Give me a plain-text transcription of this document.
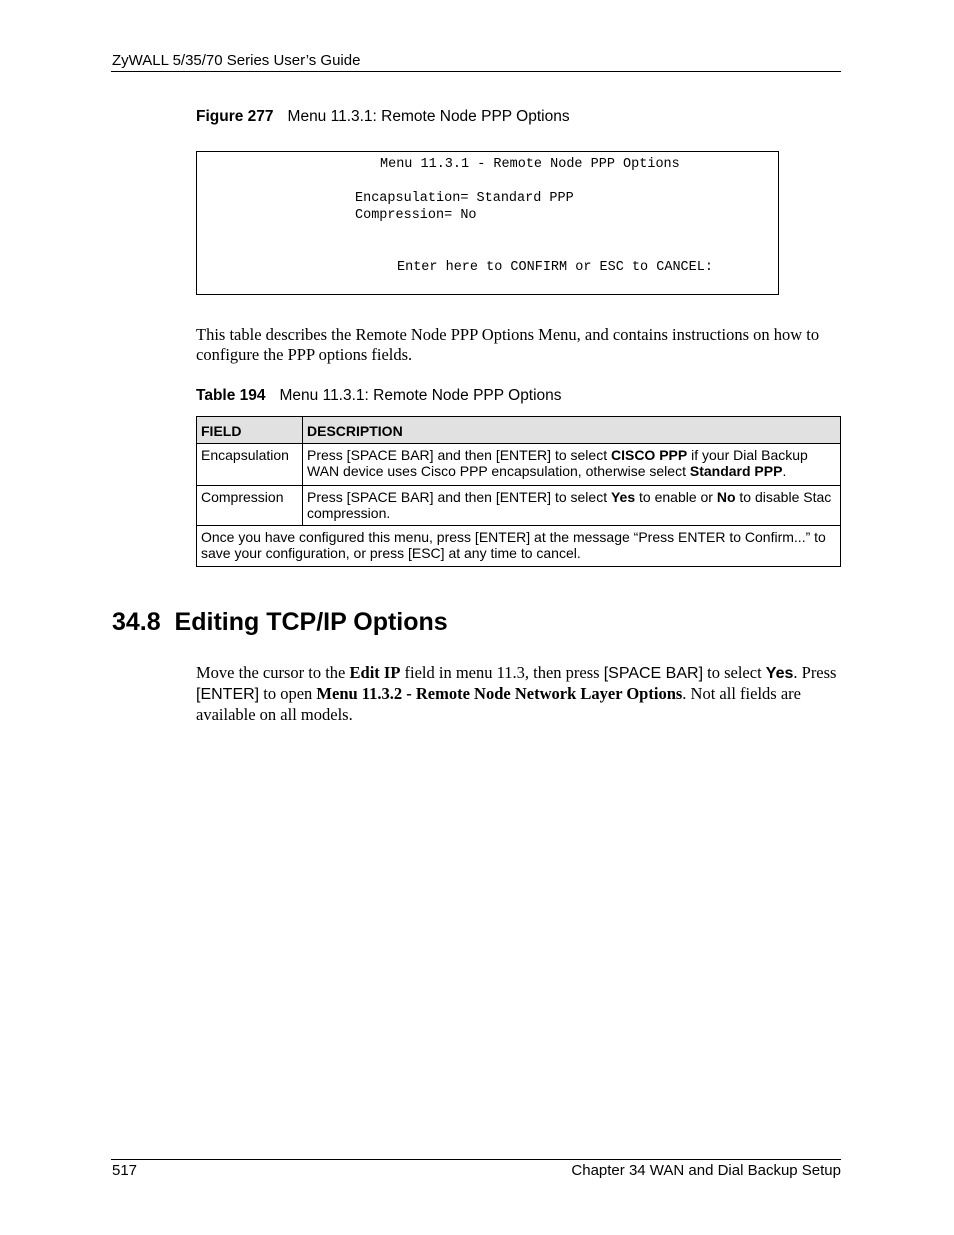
ZyWALL 5/35/70 Series User’s Guide
Figure 277 Menu 11.3.1: Remote Node PPP Options
Menu 11.3.1 - Remote Node PPP Options
Encapsulation= Standard PPP
Compression= No
Enter here to CONFIRM or ESC to CANCEL:
This table describes the Remote Node PPP Options Menu, and contains instructions on how to configure the PPP options fields.
Table 194 Menu 11.3.1: Remote Node PPP Options
FIELD	DESCRIPTION
Encapsulation	Press [SPACE BAR] and then [ENTER] to select CISCO PPP if your Dial Backup WAN device uses Cisco PPP encapsulation, otherwise select Standard PPP.
Compression	Press [SPACE BAR] and then [ENTER] to select Yes to enable or No to disable Stac compression.
Once you have configured this menu, press [ENTER] at the message “Press ENTER to Confirm...” to save your configuration, or press [ESC] at any time to cancel.	
34.8  Editing TCP/IP Options
Move the cursor to the Edit IP field in menu 11.3, then press [SPACE BAR] to select Yes. Press [ENTER] to open Menu 11.3.2 - Remote Node Network Layer Options. Not all fields are available on all models.
517	Chapter 34 WAN and Dial Backup Setup
